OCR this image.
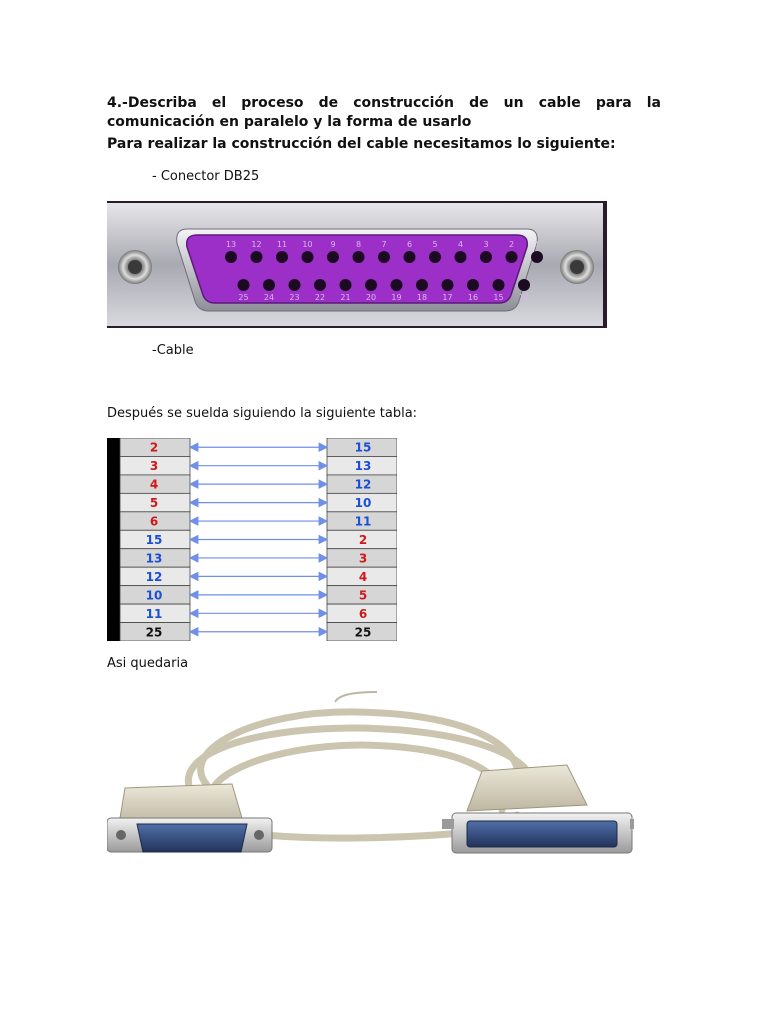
4.-Describa el proceso de construcción de un cable para la comunicación en paralelo y la forma de usarlo

Para realizar la construcción del cable necesitamos lo siguiente:

- Conector DB25

13 12 11 10 9	8	7	6	5	4	3	2	1
25 24 23 22 21 20 19 18 17 16 15 14

-Cable

Después se suelda siguiendo la siguiente tabla:

2	15
3	13
4	12
5	10
6	11
15	2
13	3
12	4
10	5
11	6
25	25

Asi quedaria
